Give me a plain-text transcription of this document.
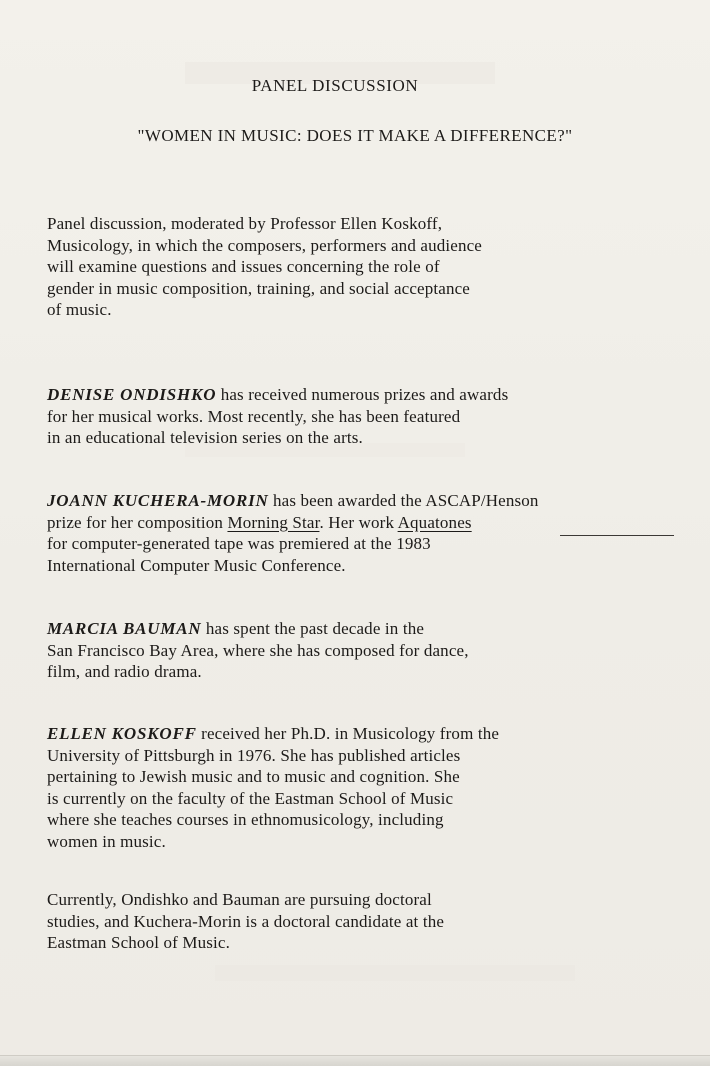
PANEL DISCUSSION
"WOMEN IN MUSIC: DOES IT MAKE A DIFFERENCE?"
Panel discussion, moderated by Professor Ellen Koskoff,
Musicology, in which the composers, performers and audience
will examine questions and issues concerning the role of
gender in music composition, training, and social acceptance
of music.
DENISE ONDISHKO has received numerous prizes and awards
for her musical works. Most recently, she has been featured
in an educational television series on the arts.
JOANN KUCHERA-MORIN has been awarded the ASCAP/Henson
prize for her composition Morning Star. Her work Aquatones
for computer-generated tape was premiered at the 1983
International Computer Music Conference.
MARCIA BAUMAN has spent the past decade in the
San Francisco Bay Area, where she has composed for dance,
film, and radio drama.
ELLEN KOSKOFF received her Ph.D. in Musicology from the
University of Pittsburgh in 1976. She has published articles
pertaining to Jewish music and to music and cognition. She
is currently on the faculty of the Eastman School of Music
where she teaches courses in ethnomusicology, including
women in music.
Currently, Ondishko and Bauman are pursuing doctoral
studies, and Kuchera-Morin is a doctoral candidate at the
Eastman School of Music.
